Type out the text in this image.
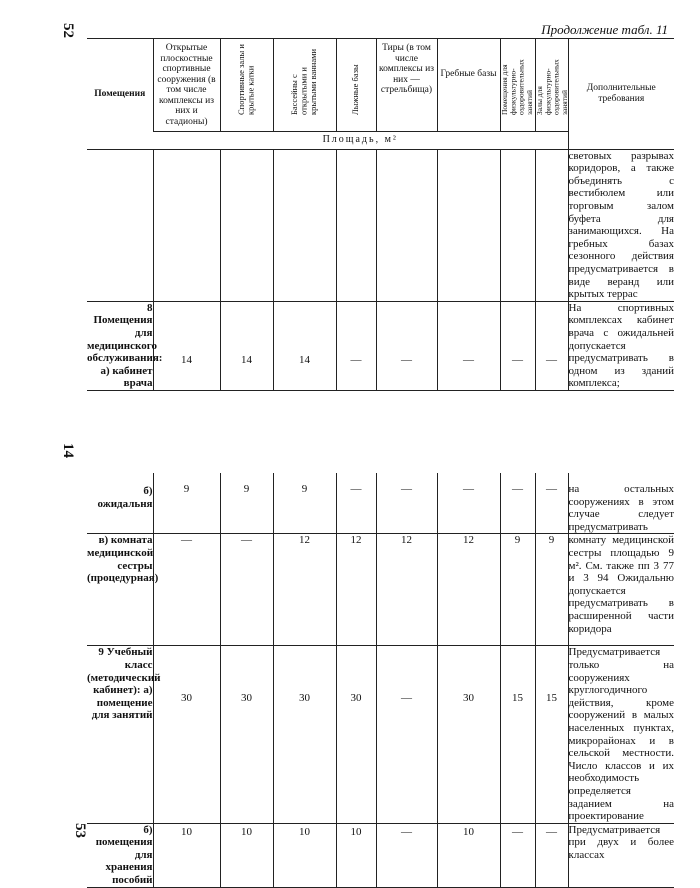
52
14
53
Продолжение табл. 11
Помещения	Открытые плоскостные спортивные сооружения (в том числе комплексы из них и стадионы)	Спортивные залы и крытые катки	Бассейны с открытыми и крытыми ваннами	Лыжные базы	Тиры (в том числе комплексы из них — стрельбища)	Гребные базы	Помещения для физкультурно-оздоровительных занятий	Залы для физкультурно-оздоровительных занятий	Дополнительные требования

	Площадь, м²								

									световых разрывах коридоров, а также объединять с вестибюлем или торговым залом буфета для занимающихся. На гребных базах сезонного действия предусматривается в виде веранд или крытых террас
8 Помещения для медицинского обслуживания: а) кабинет врача	14	14	14	—	—	—	—	—	На спортивных комплексах кабинет врача с ожидальней допускается предусматривать в одном из зданий комплекса;
б) ожидальня	9	9	9	—	—	—	—	—	на остальных сооружениях в этом случае следует предусматривать
в) комната медицинской сестры (процедурная)	—	—	12	12	12	12	9	9	комнату медицинской сестры площадью 9 м². См. также пп 3 77 и 3 94 Ожидальню допускается предусматривать в расширенной части коридора
9 Учебный класс (методический кабинет): а) помещение для занятий	30	30	30	30	—	30	15	15	Предусматривается только на сооружениях круглогодичного действия, кроме сооружений в малых населенных пунктах, микрорайонах и в сельской местности. Число классов и их необходимость определяется заданием на проектирование
б) помещения для хранения пособий	10	10	10	10	—	10	—	—	Предусматривается при двух и более классах
